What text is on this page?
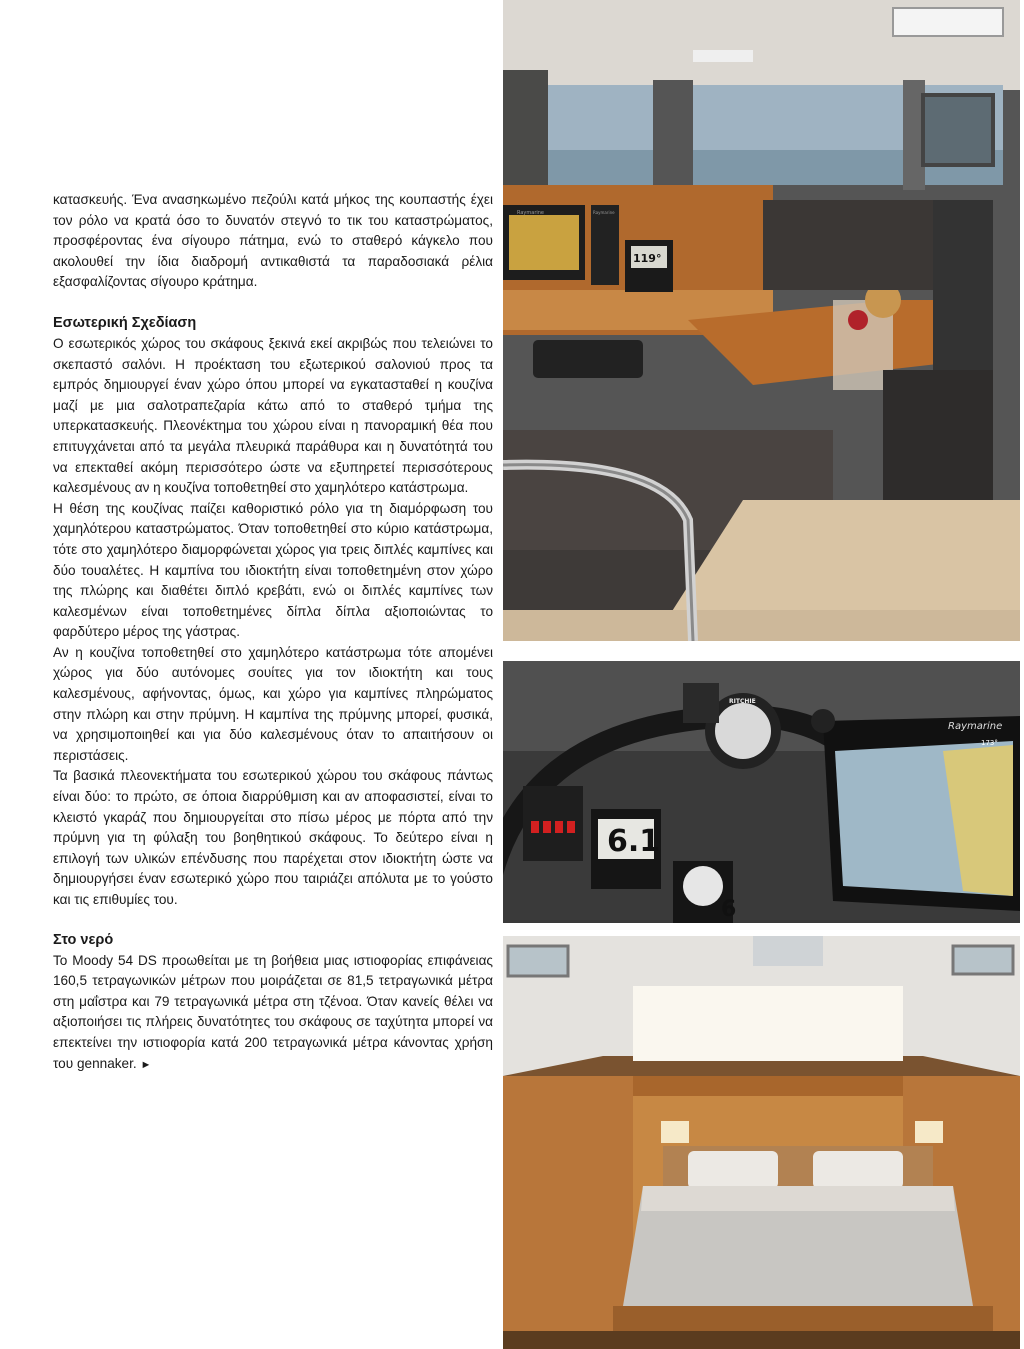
κατασκευής. Ένα ανασηκωμένο πεζούλι κατά μήκος της κουπαστής έχει τον ρόλο να κρατά όσο το δυνατόν στεγνό το τικ του καταστρώματος, προσφέροντας ένα σίγουρο πάτημα, ενώ το σταθερό κάγκελο που ακολουθεί την ίδια διαδρομή αντικαθιστά τα παραδοσιακά ρέλια εξασφαλίζοντας σίγουρο κράτημα.

Εσωτερική Σχεδίαση

Ο εσωτερικός χώρος του σκάφους ξεκινά εκεί ακριβώς που τελειώνει το σκεπαστό σαλόνι. Η προέκταση του εξωτερικού σαλονιού προς τα εμπρός δημιουργεί έναν χώρο όπου μπορεί να εγκατασταθεί η κουζίνα μαζί με μια σαλοτραπεζαρία κάτω από το σταθερό τμήμα της υπερκατασκευής. Πλεονέκτημα του χώρου είναι η πανοραμική θέα που επιτυγχάνεται από τα μεγάλα πλευρικά παράθυρα και η δυνατότητά του να επεκταθεί ακόμη περισσότερο ώστε να εξυπηρετεί περισσότερους καλεσμένους αν η κουζίνα τοποθετηθεί στο χαμηλότερο κατάστρωμα.

Η θέση της κουζίνας παίζει καθοριστικό ρόλο για τη διαμόρφωση του χαμηλότερου καταστρώματος. Όταν τοποθετηθεί στο κύριο κατάστρωμα, τότε στο χαμηλότερο διαμορφώνεται χώρος για τρεις διπλές καμπίνες και δύο τουαλέτες. Η καμπίνα του ιδιοκτήτη είναι τοποθετημένη στον χώρο της πλώρης και διαθέτει διπλό κρεβάτι, ενώ οι διπλές καμπίνες των καλεσμένων είναι τοποθετημένες δίπλα δίπλα αξιοποιώντας το φαρδύτερο μέρος της γάστρας.

Αν η κουζίνα τοποθετηθεί στο χαμηλότερο κατάστρωμα τότε απομένει χώρος για δύο αυτόνομες σουίτες για τον ιδιοκτήτη και τους καλεσμένους, αφήνοντας, όμως, και χώρο για καμπίνες πληρώματος στην πλώρη και στην πρύμνη. Η καμπίνα της πρύμνης μπορεί, φυσικά, να χρησιμοποιηθεί και για δύο καλεσμένους όταν το απαιτήσουν οι περιστάσεις.

Τα βασικά πλεονεκτήματα του εσωτερικού χώρου του σκάφους πάντως είναι δύο: το πρώτο, σε όποια διαρρύθμιση και αν αποφασιστεί, είναι το κλειστό γκαράζ που δημιουργείται στο πίσω μέρος με πόρτα από την πρύμνη για τη φύλαξη του βοηθητικού σκάφους. Το δεύτερο είναι η επιλογή των υλικών επένδυσης που παρέχεται στον ιδιοκτήτη ώστε να δημιουργήσει έναν εσωτερικό χώρο που ταιριάζει απόλυτα με το γούστο και τις επιθυμίες του.

Στο νερό

Το Moody 54 DS προωθείται με τη βοήθεια μιας ιστιοφορίας επιφάνειας 160,5 τετραγωνικών μέτρων που μοιράζεται σε 81,5 τετραγωνικά μέτρα στη μαΐστρα και 79 τετραγωνικά μέτρα στη τζένοα. Όταν κανείς θέλει να αξιοποιήσει τις πλήρεις δυνατότητες του σκάφους σε ταχύτητα μπορεί να επεκτείνει την ιστιοφορία κατά 200 τετραγωνικά μέτρα κάνοντας χρήση του gennaker. ►

Raymarine	Raymarine
119°
6.1
6
RITCHIE
Raymarine
173°
